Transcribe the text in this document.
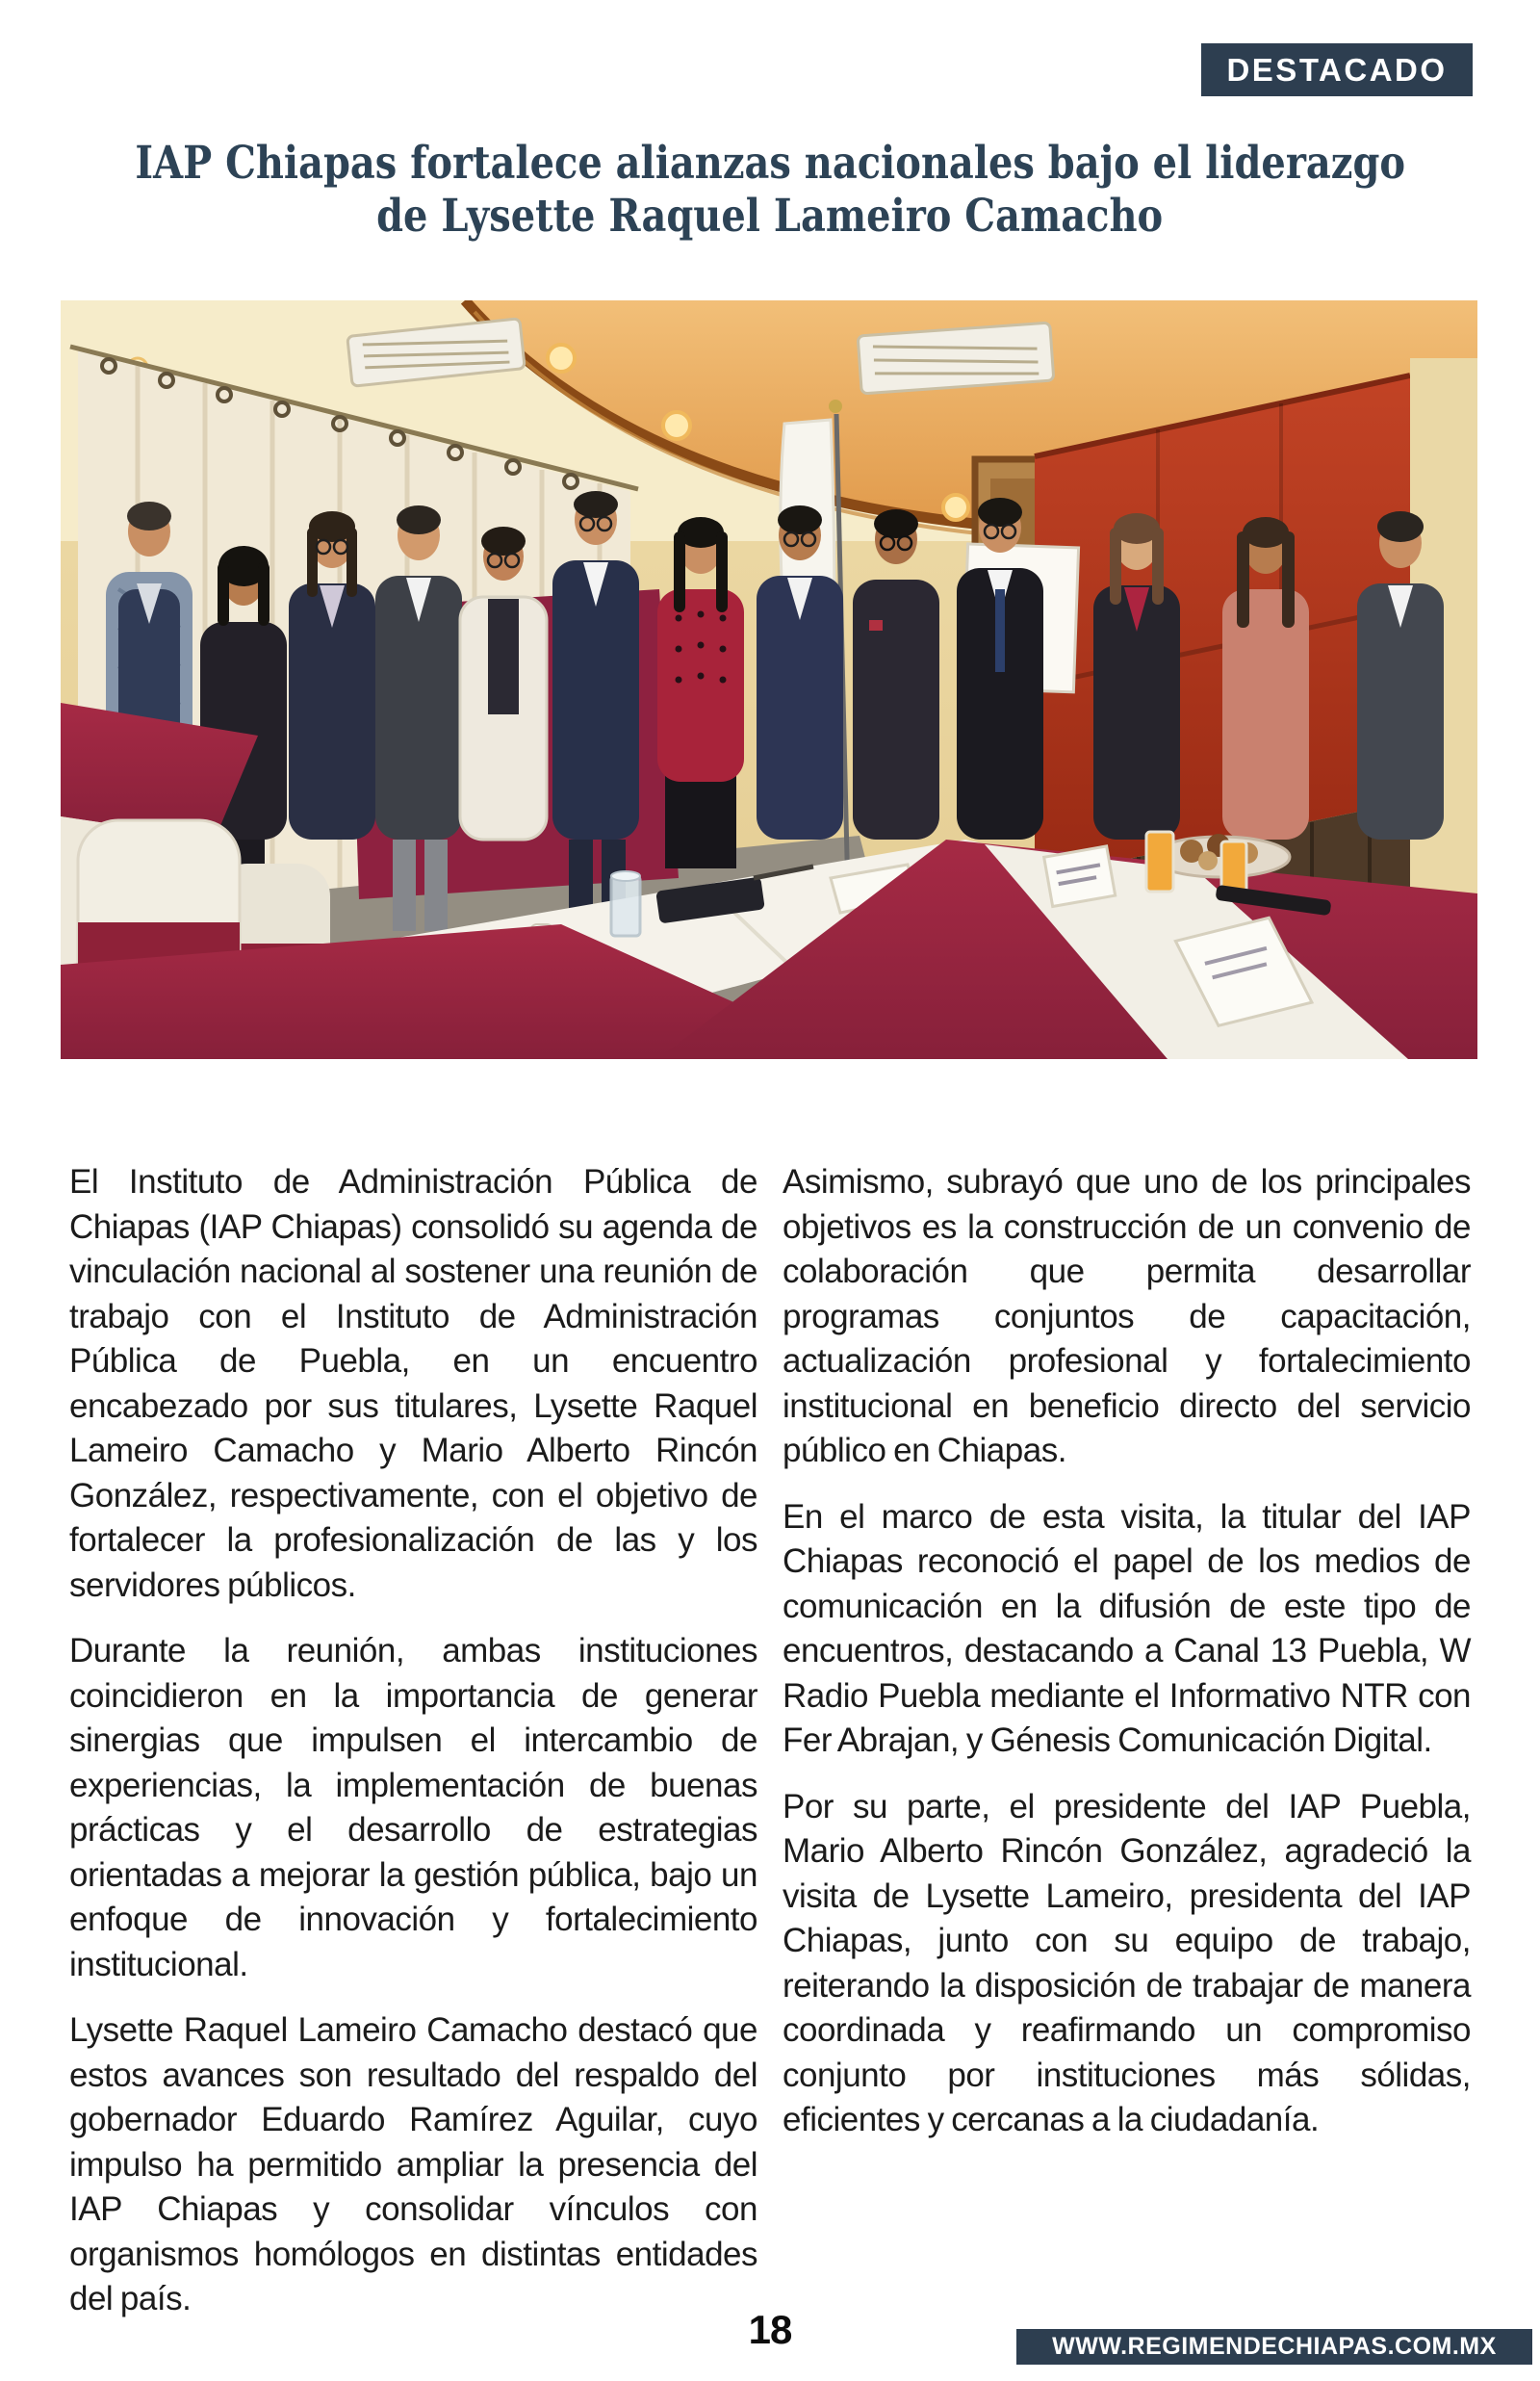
DESTACADO
IAP Chiapas fortalece alianzas nacionales bajo el liderazgo
de Lysette Raquel Lameiro Camacho

El Instituto de Administración Pública de Chiapas (IAP Chiapas) consolidó su agenda de vinculación nacional al sostener una reunión de trabajo con el Instituto de Administración Pública de Puebla, en un encuentro encabezado por sus titulares, Lysette Raquel Lameiro Camacho y Mario Alberto Rincón González, respectivamente, con el objetivo de fortalecer la profesionalización de las y los servidores públicos.

Durante la reunión, ambas instituciones coincidieron en la importancia de generar sinergias que impulsen el intercambio de experiencias, la implementación de buenas prácticas y el desarrollo de estrategias orientadas a mejorar la gestión pública, bajo un enfoque de innovación y fortalecimiento institucional.

Lysette Raquel Lameiro Camacho destacó que estos avances son resultado del respaldo del gobernador Eduardo Ramírez Aguilar, cuyo impulso ha permitido ampliar la presencia del IAP Chiapas y consolidar vínculos con organismos homólogos en distintas entidades del país.

Asimismo, subrayó que uno de los principales objetivos es la construcción de un convenio de colaboración que permita desarrollar programas conjuntos de capacitación, actualización profesional y fortalecimiento institucional en beneficio directo del servicio público en Chiapas.

En el marco de esta visita, la titular del IAP Chiapas reconoció el papel de los medios de comunicación en la difusión de este tipo de encuentros, destacando a Canal 13 Puebla, W Radio Puebla mediante el Informativo NTR con Fer Abrajan, y Génesis Comunicación Digital.

Por su parte, el presidente del IAP Puebla, Mario Alberto Rincón González, agradeció la visita de Lysette Lameiro, presidenta del IAP Chiapas, junto con su equipo de trabajo, reiterando la disposición de trabajar de manera coordinada y reafirmando un compromiso conjunto por instituciones más sólidas, eficientes y cercanas a la ciudadanía.

18	WWW.REGIMENDECHIAPAS.COM.MX
